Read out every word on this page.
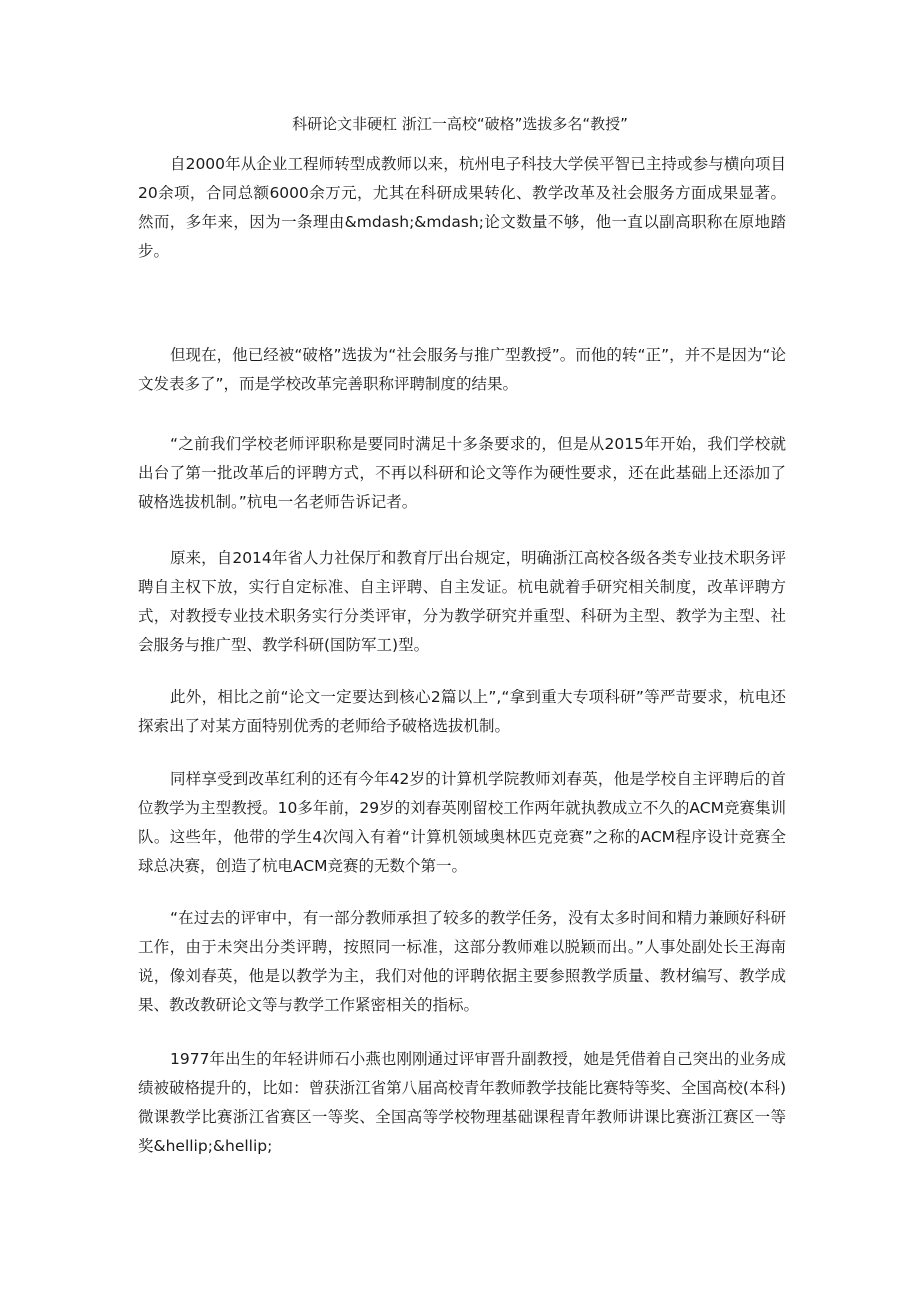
科研论文非硬杠 浙江一高校“破格”选拔多名“教授”

自2000年从企业工程师转型成教师以来，杭州电子科技大学侯平智已主持或参与横向项目20余项，合同总额6000余万元，尤其在科研成果转化、教学改革及社会服务方面成果显著。然而，多年来，因为一条理由&mdash;&mdash;论文数量不够，他一直以副高职称在原地踏步。

但现在，他已经被“破格”选拔为“社会服务与推广型教授”。而他的转“正”，并不是因为“论文发表多了”，而是学校改革完善职称评聘制度的结果。

“之前我们学校老师评职称是要同时满足十多条要求的，但是从2015年开始，我们学校就出台了第一批改革后的评聘方式，不再以科研和论文等作为硬性要求，还在此基础上还添加了破格选拔机制。”杭电一名老师告诉记者。

原来，自2014年省人力社保厅和教育厅出台规定，明确浙江高校各级各类专业技术职务评聘自主权下放，实行自定标准、自主评聘、自主发证。杭电就着手研究相关制度，改革评聘方式，对教授专业技术职务实行分类评审，分为教学研究并重型、科研为主型、教学为主型、社会服务与推广型、教学科研(国防军工)型。

此外，相比之前“论文一定要达到核心2篇以上”,“拿到重大专项科研”等严苛要求，杭电还探索出了对某方面特别优秀的老师给予破格选拔机制。

同样享受到改革红利的还有今年42岁的计算机学院教师刘春英，他是学校自主评聘后的首位教学为主型教授。10多年前，29岁的刘春英刚留校工作两年就执教成立不久的ACM竞赛集训队。这些年，他带的学生4次闯入有着“计算机领域奥林匹克竞赛”之称的ACM程序设计竞赛全球总决赛，创造了杭电ACM竞赛的无数个第一。

“在过去的评审中，有一部分教师承担了较多的教学任务，没有太多时间和精力兼顾好科研工作，由于未突出分类评聘，按照同一标准，这部分教师难以脱颖而出。”人事处副处长王海南说，像刘春英，他是以教学为主，我们对他的评聘依据主要参照教学质量、教材编写、教学成果、教改教研论文等与教学工作紧密相关的指标。

1977年出生的年轻讲师石小燕也刚刚通过评审晋升副教授，她是凭借着自己突出的业务成绩被破格提升的，比如：曾获浙江省第八届高校青年教师教学技能比赛特等奖、全国高校(本科)微课教学比赛浙江省赛区一等奖、全国高等学校物理基础课程青年教师讲课比赛浙江赛区一等奖&hellip;&hellip;
